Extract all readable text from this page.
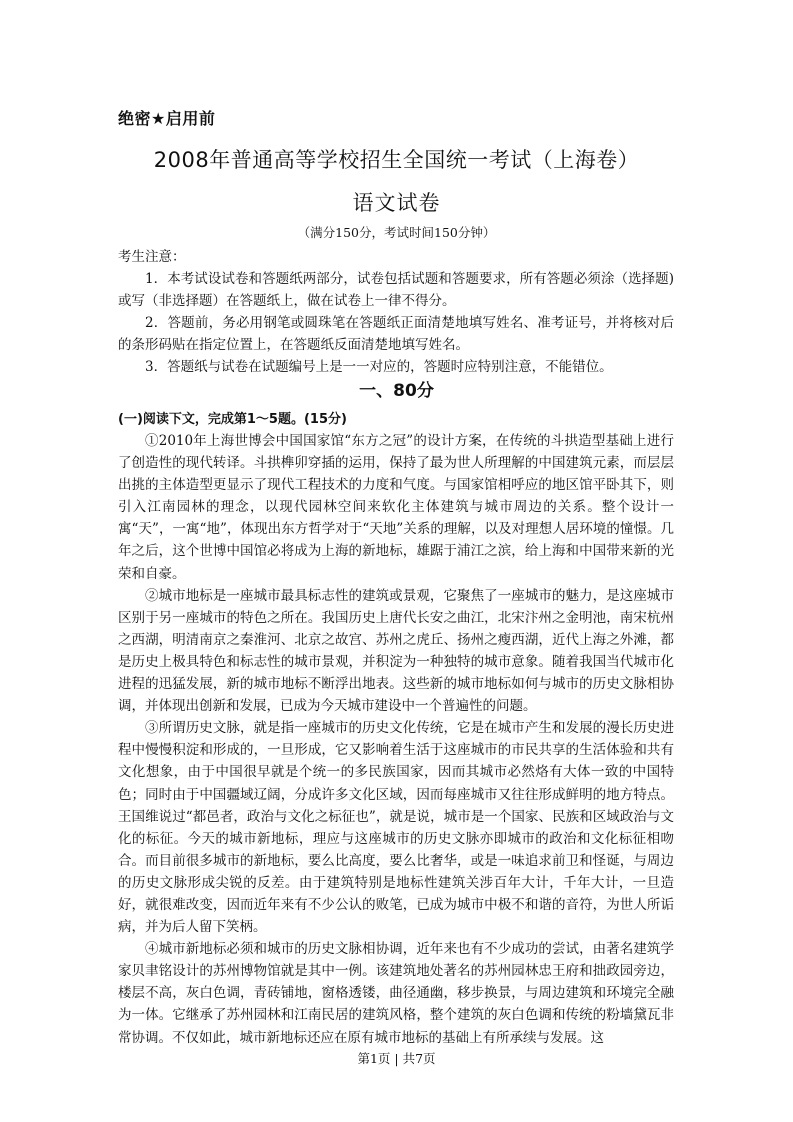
绝密★启用前
2008年普通高等学校招生全国统一考试（上海卷）
语文试卷
（满分150分，考试时间150分钟）

考生注意：

1．本考试设试卷和答题纸两部分，试卷包括试题和答题要求，所有答题必须涂（选择题)或写（非选择题）在答题纸上，做在试卷上一律不得分。

2．答题前，务必用钢笔或圆珠笔在答题纸正面清楚地填写姓名、准考证号，并将核对后的条形码贴在指定位置上，在答题纸反面清楚地填写姓名。

3．答题纸与试卷在试题编号上是一一对应的，答题时应特别注意，不能错位。

一、80分
(一)阅读下文，完成第1～5题。(15分)

①2010年上海世博会中国国家馆“东方之冠”的设计方案，在传统的斗拱造型基础上进行了创造性的现代转译。斗拱榫卯穿插的运用，保持了最为世人所理解的中国建筑元素，而层层出挑的主体造型更显示了现代工程技术的力度和气度。与国家馆相呼应的地区馆平卧其下，则引入江南园林的理念，以现代园林空间来软化主体建筑与城市周边的关系。整个设计一寓“天”，一寓“地”，体现出东方哲学对于“天地”关系的理解，以及对理想人居环境的憧憬。几年之后，这个世博中国馆必将成为上海的新地标，雄踞于浦江之滨，给上海和中国带来新的光荣和自豪。

②城市地标是一座城市最具标志性的建筑或景观，它聚焦了一座城市的魅力，是这座城市区别于另一座城市的特色之所在。我国历史上唐代长安之曲江，北宋汴州之金明池，南宋杭州之西湖，明清南京之秦淮河、北京之故宫、苏州之虎丘、扬州之瘦西湖，近代上海之外滩，都是历史上极具特色和标志性的城市景观，并积淀为一种独特的城市意象。随着我国当代城市化进程的迅猛发展，新的城市地标不断浮出地表。这些新的城市地标如何与城市的历史文脉相协调，并体现出创新和发展，已成为今天城市建设中一个普遍性的问题。

③所谓历史文脉，就是指一座城市的历史文化传统，它是在城市产生和发展的漫长历史进程中慢慢积淀和形成的，一旦形成，它又影响着生活于这座城市的市民共享的生活体验和共有文化想象，由于中国很早就是个统一的多民族国家，因而其城市必然烙有大体一致的中国特色；同时由于中国疆域辽阔，分成许多文化区域，因而每座城市又往往形成鲜明的地方特点。王国维说过“都邑者，政治与文化之标征也”，就是说，城市是一个国家、民族和区域政治与文化的标征。今天的城市新地标，理应与这座城市的历史文脉亦即城市的政治和文化标征相吻合。而目前很多城市的新地标，要么比高度，要么比奢华，或是一味追求前卫和怪诞，与周边的历史文脉形成尖锐的反差。由于建筑特别是地标性建筑关涉百年大计，千年大计，一旦造好，就很难改变，因而近年来有不少公认的败笔，已成为城市中极不和谐的音符，为世人所诟病，并为后人留下笑柄。

④城市新地标必须和城市的历史文脉相协调，近年来也有不少成功的尝试，由著名建筑学家贝聿铭设计的苏州博物馆就是其中一例。该建筑地处著名的苏州园林忠王府和拙政园旁边，楼层不高，灰白色调，青砖铺地，窗格透镂，曲径通幽，移步换景，与周边建筑和环境完全融为一体。它继承了苏州园林和江南民居的建筑风格，整个建筑的灰白色调和传统的粉墙黛瓦非常协调。不仅如此，城市新地标还应在原有城市地标的基础上有所承续与发展。这

第1页 | 共7页
